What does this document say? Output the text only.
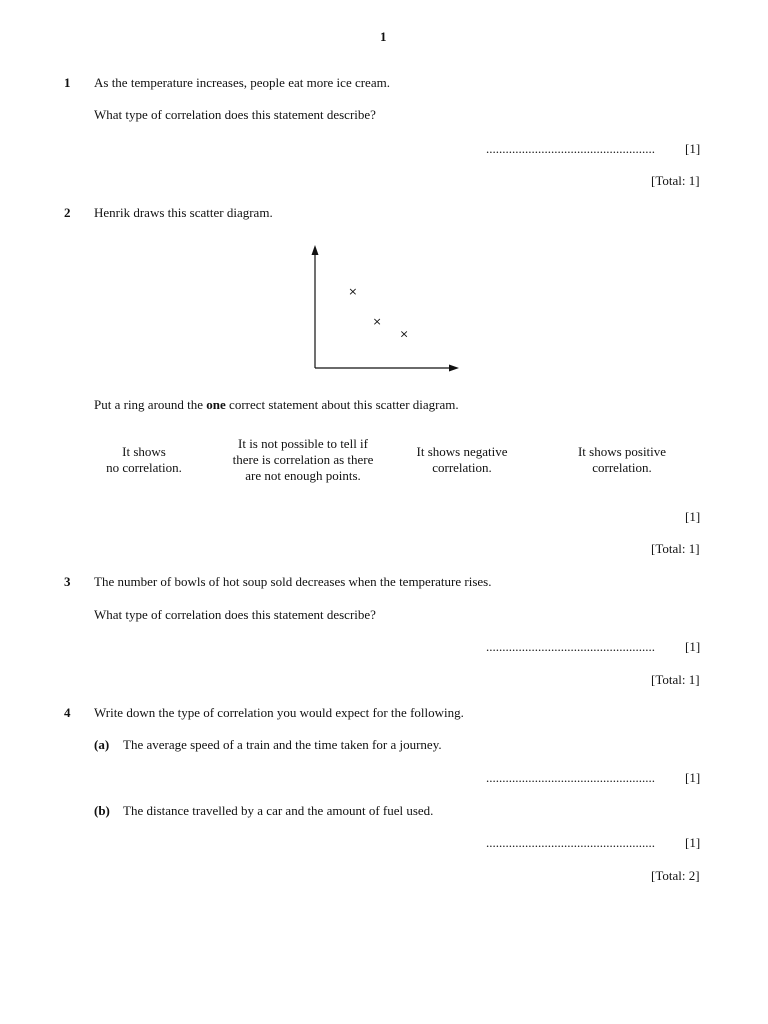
1
1 As the temperature increases, people eat more ice cream.
What type of correlation does this statement describe?
.................................................... [1]
[Total: 1]
2 Henrik draws this scatter diagram.
×
×
×
Put a ring around the one correct statement about this scatter diagram.
It shows
no correlation.
It is not possible to tell if
there is correlation as there
are not enough points.
It shows negative
correlation.
It shows positive
correlation.
[1]
[Total: 1]
3 The number of bowls of hot soup sold decreases when the temperature rises.
What type of correlation does this statement describe?
.................................................... [1]
[Total: 1]
4 Write down the type of correlation you would expect for the following.
(a) The average speed of a train and the time taken for a journey.
.................................................... [1]
(b) The distance travelled by a car and the amount of fuel used.
.................................................... [1]
[Total: 2]
